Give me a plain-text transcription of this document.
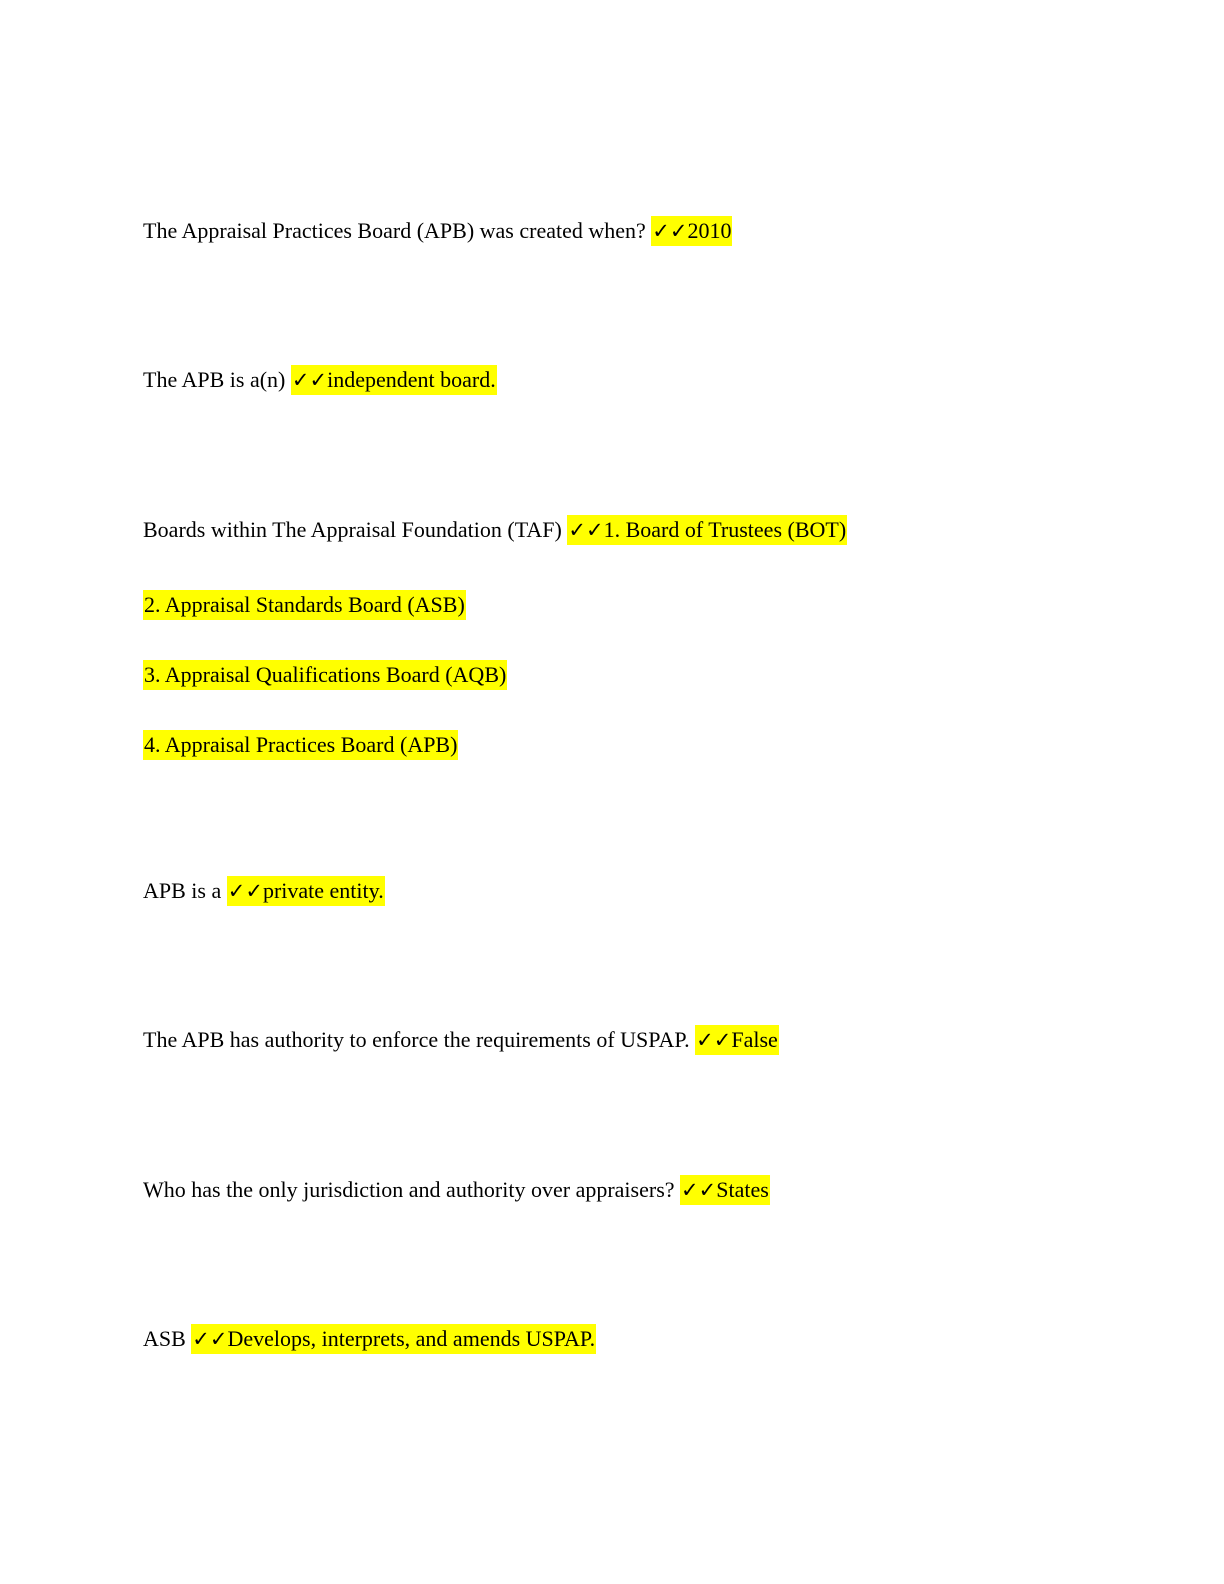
The Appraisal Practices Board (APB) was created when? ✓✓2010
The APB is a(n) ✓✓independent board.
Boards within The Appraisal Foundation (TAF) ✓✓1. Board of Trustees (BOT)
2. Appraisal Standards Board (ASB)
3. Appraisal Qualifications Board (AQB)
4. Appraisal Practices Board (APB)
APB is a ✓✓private entity.
The APB has authority to enforce the requirements of USPAP. ✓✓False
Who has the only jurisdiction and authority over appraisers? ✓✓States
ASB ✓✓Develops, interprets, and amends USPAP.
